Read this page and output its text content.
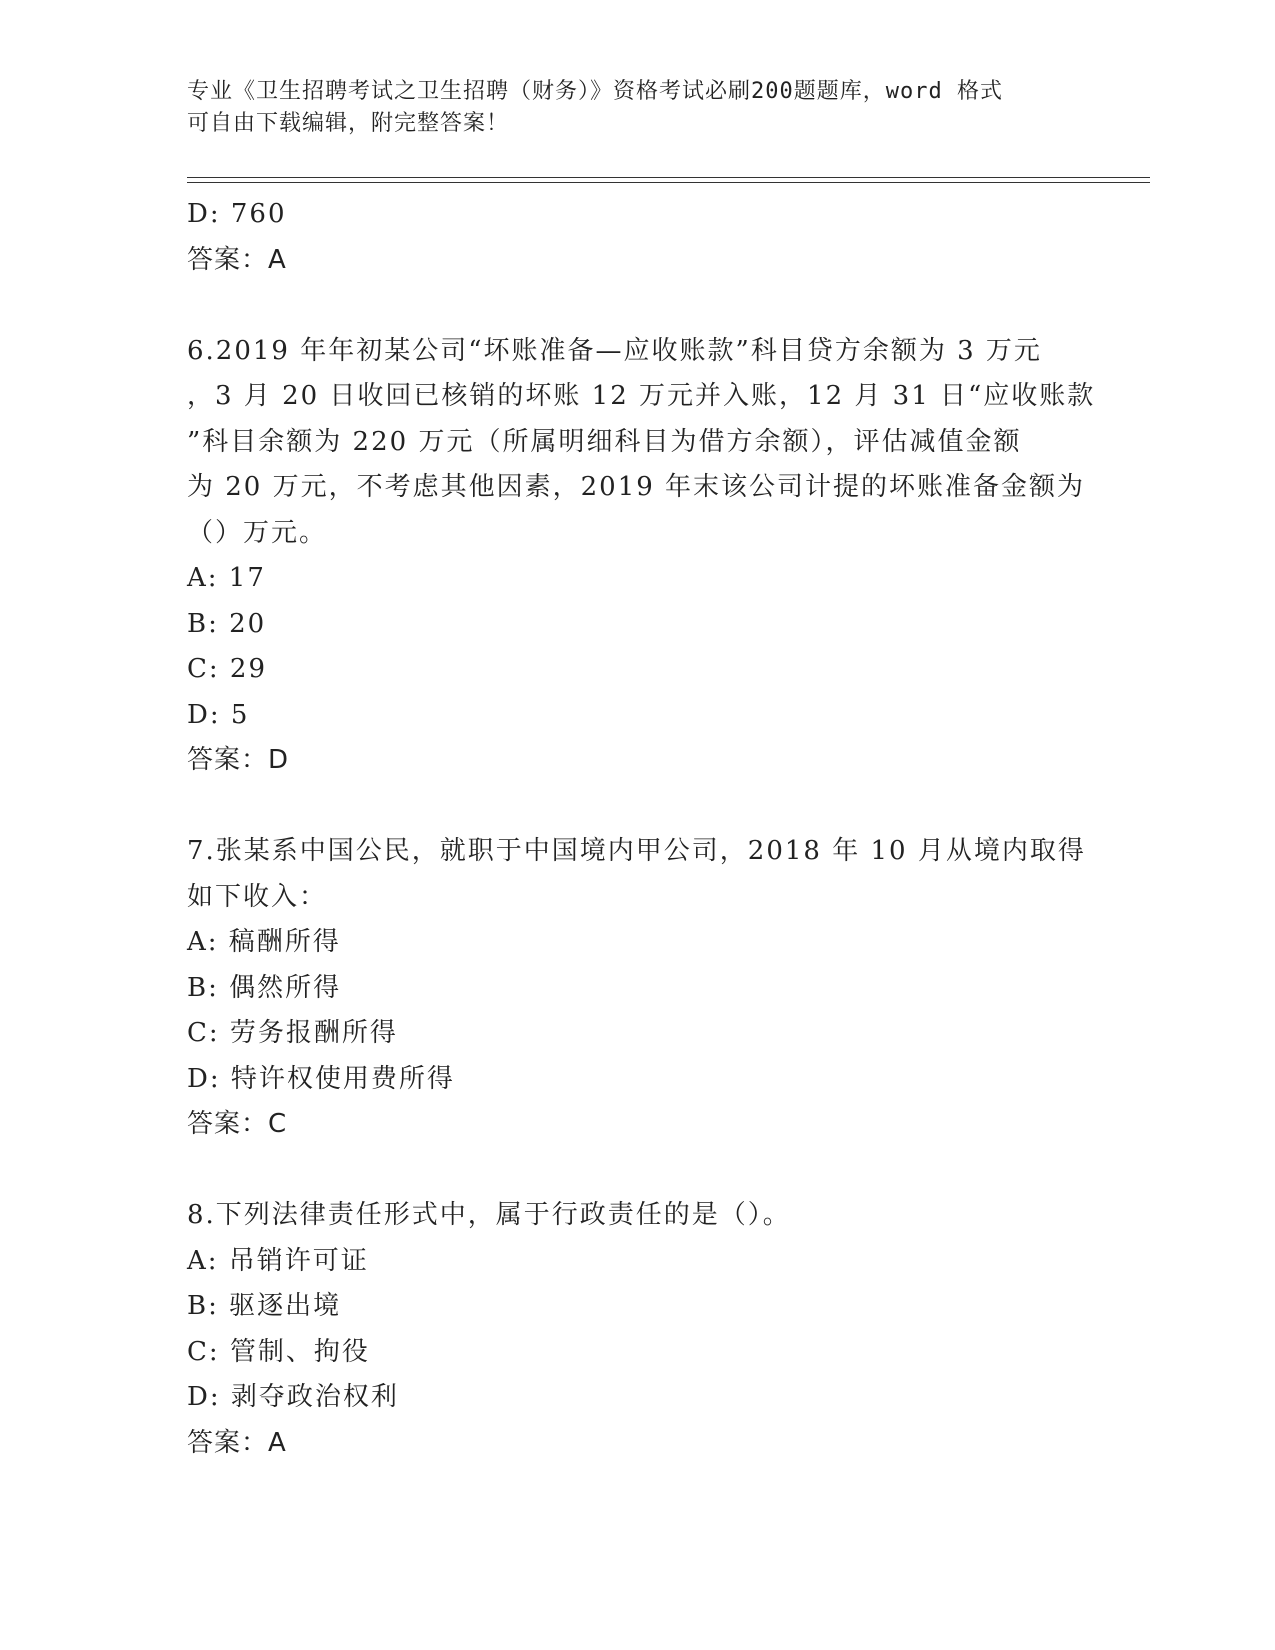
专业《卫生招聘考试之卫生招聘（财务）》资格考试必刷200题题库，word 格式
可自由下载编辑，附完整答案！
D: 760
答案：A
6.2019 年年初某公司“坏账准备—应收账款”科目贷方余额为 3 万元
，3 月 20 日收回已核销的坏账 12 万元并入账，12 月 31 日“应收账款
”科目余额为 220 万元（所属明细科目为借方余额），评估减值金额
为 20 万元，不考虑其他因素，2019 年末该公司计提的坏账准备金额为
（）万元。
A: 17
B: 20
C: 29
D: 5
答案：D
7.张某系中国公民，就职于中国境内甲公司，2018 年 10 月从境内取得
如下收入：
A: 稿酬所得
B: 偶然所得
C: 劳务报酬所得
D: 特许权使用费所得
答案：C
8.下列法律责任形式中，属于行政责任的是（）。
A: 吊销许可证
B: 驱逐出境
C: 管制、拘役
D: 剥夺政治权利
答案：A
